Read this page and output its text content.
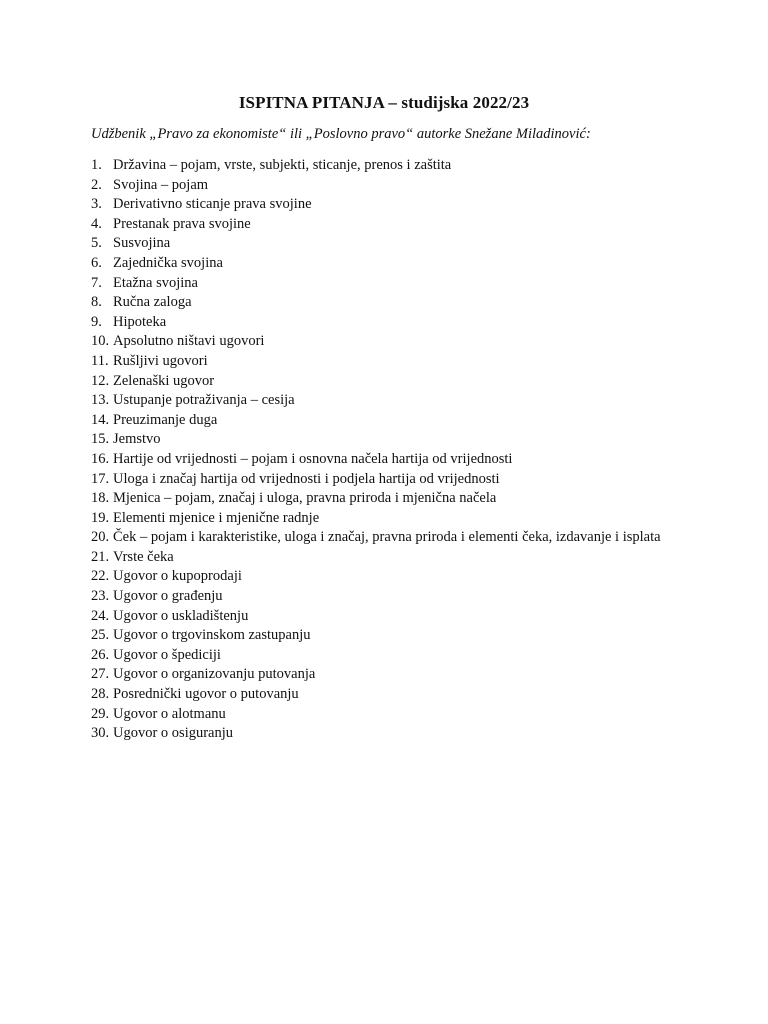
ISPITNA PITANJA – studijska 2022/23
Udžbenik „Pravo za ekonomiste“ ili „Poslovno pravo“ autorke Snežane Miladinović:
1. Državina – pojam, vrste, subjekti, sticanje, prenos i zaštita
2. Svojina – pojam
3. Derivativno sticanje prava svojine
4. Prestanak prava svojine
5. Susvojina
6. Zajednička svojina
7. Etažna svojina
8. Ručna zaloga
9. Hipoteka
10. Apsolutno ništavi ugovori
11. Rušljivi ugovori
12. Zelenaški ugovor
13. Ustupanje potraživanja – cesija
14. Preuzimanje duga
15. Jemstvo
16. Hartije od vrijednosti – pojam i osnovna načela hartija od vrijednosti
17. Uloga i značaj hartija od vrijednosti i podjela hartija od vrijednosti
18. Mjenica – pojam, značaj i uloga, pravna priroda i mjenična načela
19. Elementi mjenice i mjenične radnje
20. Ček – pojam i karakteristike, uloga i značaj, pravna priroda i elementi čeka, izdavanje i isplata
21. Vrste čeka
22. Ugovor o kupoprodaji
23. Ugovor o građenju
24. Ugovor o uskladištenju
25. Ugovor o trgovinskom zastupanju
26. Ugovor o špediciji
27. Ugovor o organizovanju putovanja
28. Posrednički ugovor o putovanju
29. Ugovor o alotmanu
30. Ugovor o osiguranju
